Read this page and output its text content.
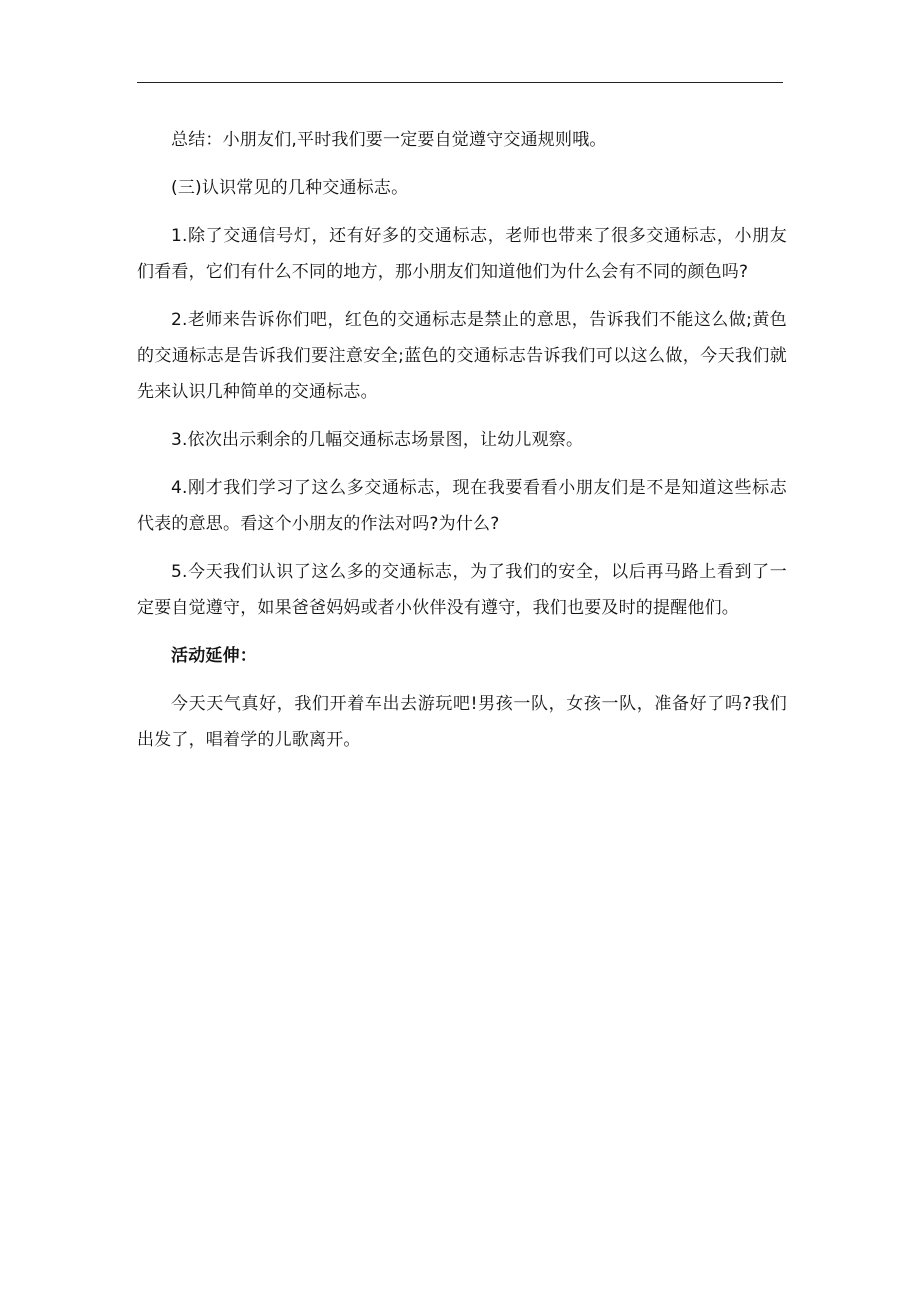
总结：小朋友们,平时我们要一定要自觉遵守交通规则哦。

(三)认识常见的几种交通标志。

1.除了交通信号灯，还有好多的交通标志，老师也带来了很多交通标志，小朋友们看看，它们有什么不同的地方，那小朋友们知道他们为什么会有不同的颜色吗?

2.老师来告诉你们吧，红色的交通标志是禁止的意思，告诉我们不能这么做;黄色的交通标志是告诉我们要注意安全;蓝色的交通标志告诉我们可以这么做，今天我们就先来认识几种简单的交通标志。

3.依次出示剩余的几幅交通标志场景图，让幼儿观察。

4.刚才我们学习了这么多交通标志，现在我要看看小朋友们是不是知道这些标志代表的意思。看这个小朋友的作法对吗?为什么?

5.今天我们认识了这么多的交通标志，为了我们的安全，以后再马路上看到了一定要自觉遵守，如果爸爸妈妈或者小伙伴没有遵守，我们也要及时的提醒他们。

活动延伸：

今天天气真好，我们开着车出去游玩吧!男孩一队，女孩一队，准备好了吗?我们出发了，唱着学的儿歌离开。
